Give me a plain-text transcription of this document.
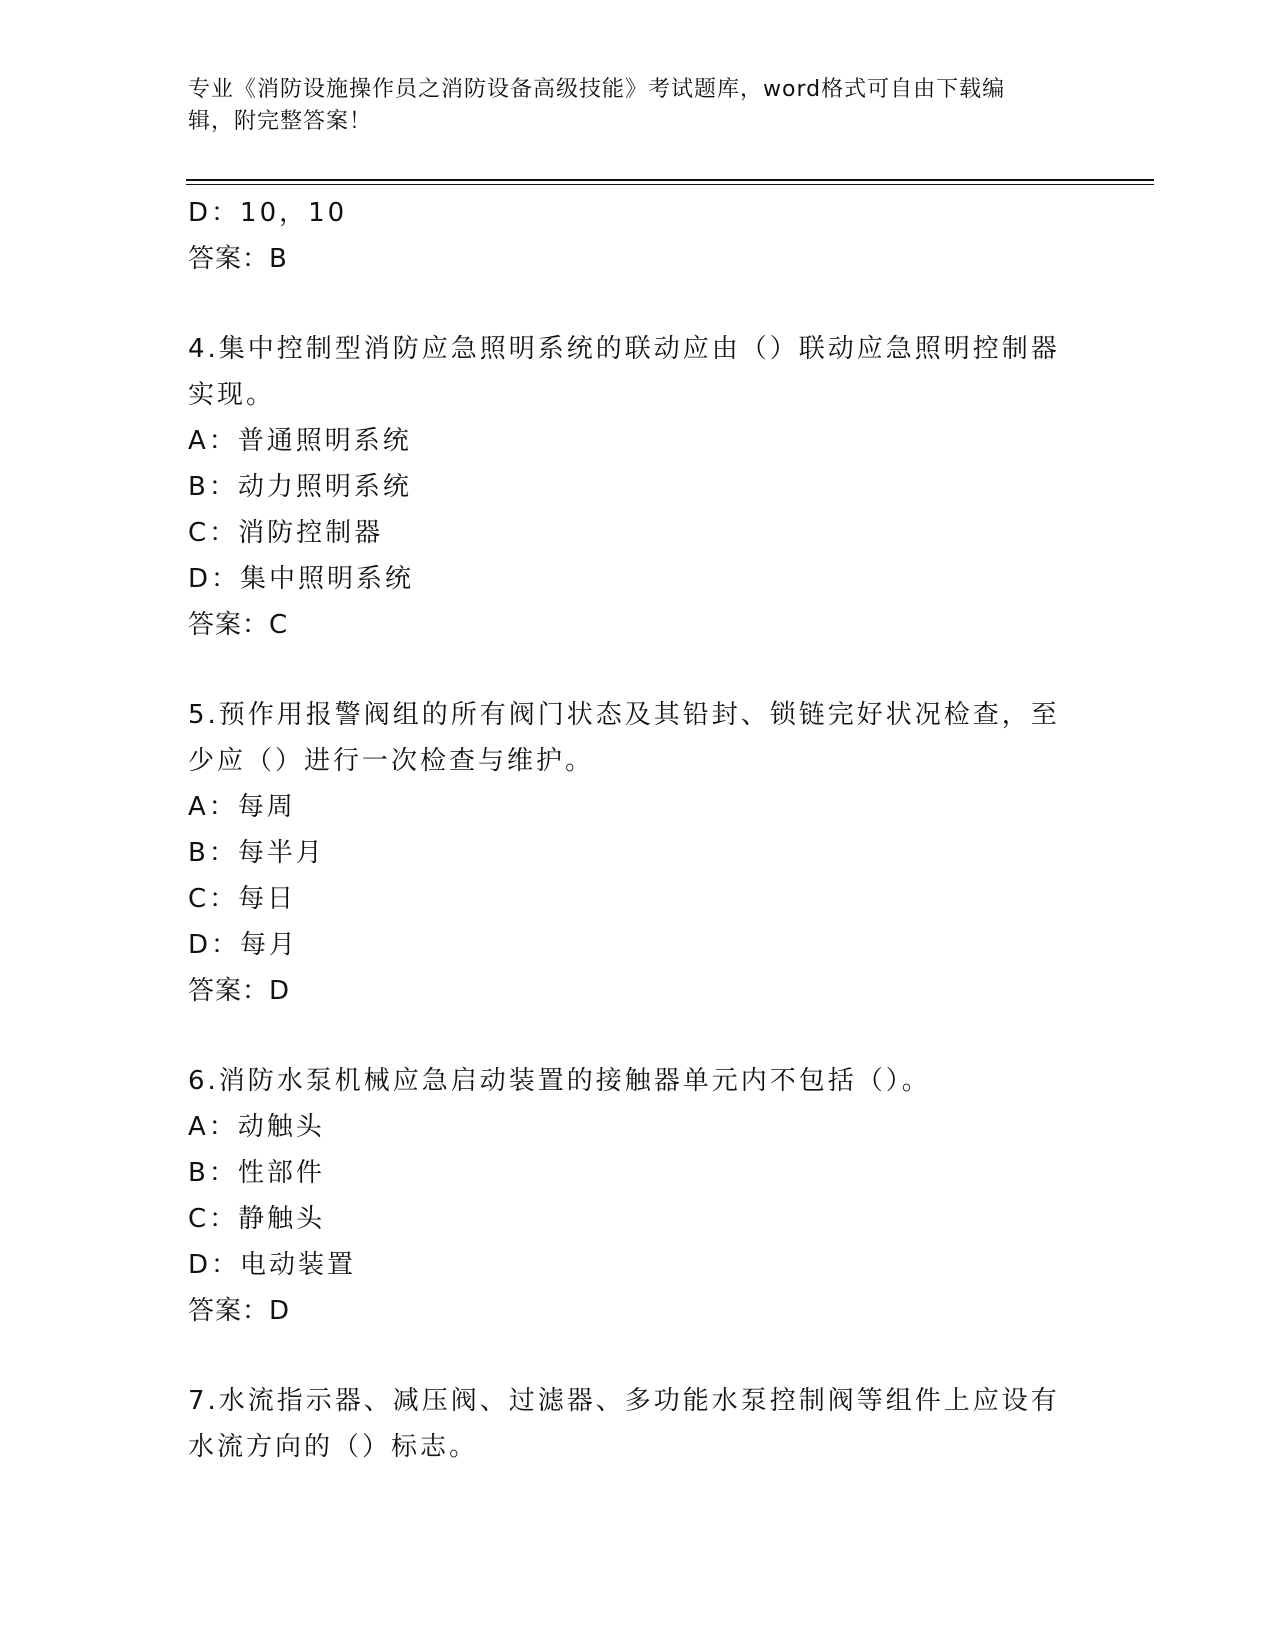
专业《消防设施操作员之消防设备高级技能》考试题库，word格式可自由下载编
辑，附完整答案！
D：10，10
答案：B
4.集中控制型消防应急照明系统的联动应由（）联动应急照明控制器
实现。
A：普通照明系统
B：动力照明系统
C：消防控制器
D：集中照明系统
答案：C
5.预作用报警阀组的所有阀门状态及其铅封、锁链完好状况检查，至
少应（）进行一次检查与维护。
A：每周
B：每半月
C：每日
D：每月
答案：D
6.消防水泵机械应急启动装置的接触器单元内不包括（）。
A：动触头
B：性部件
C：静触头
D：电动装置
答案：D
7.水流指示器、减压阀、过滤器、多功能水泵控制阀等组件上应设有
水流方向的（）标志。
